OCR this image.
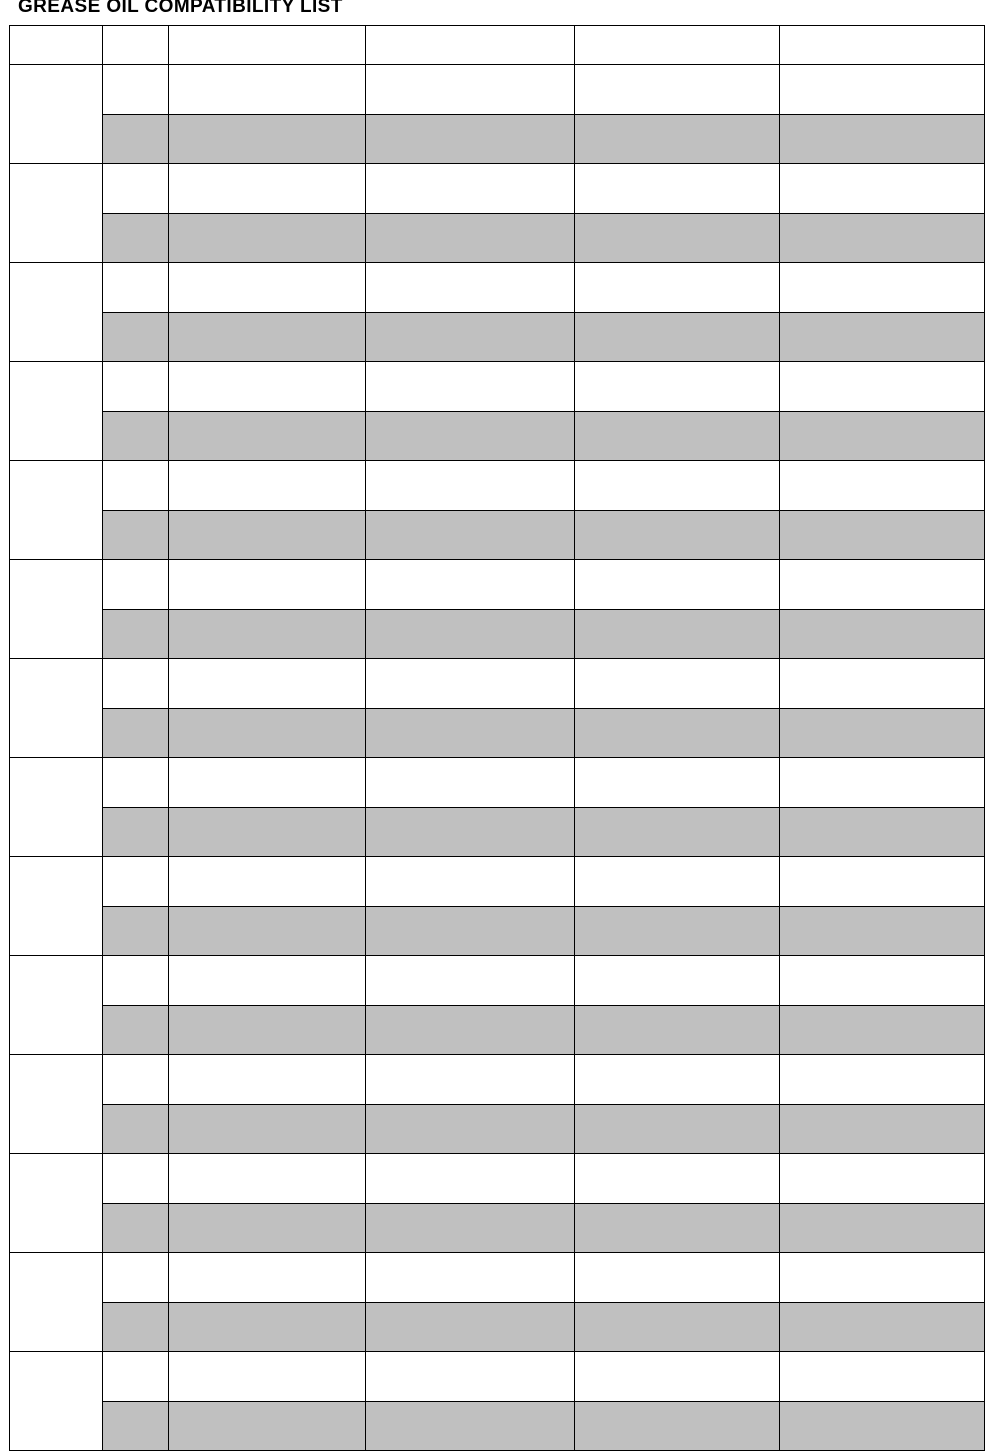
GREASE OIL COMPATIBILITY LIST
